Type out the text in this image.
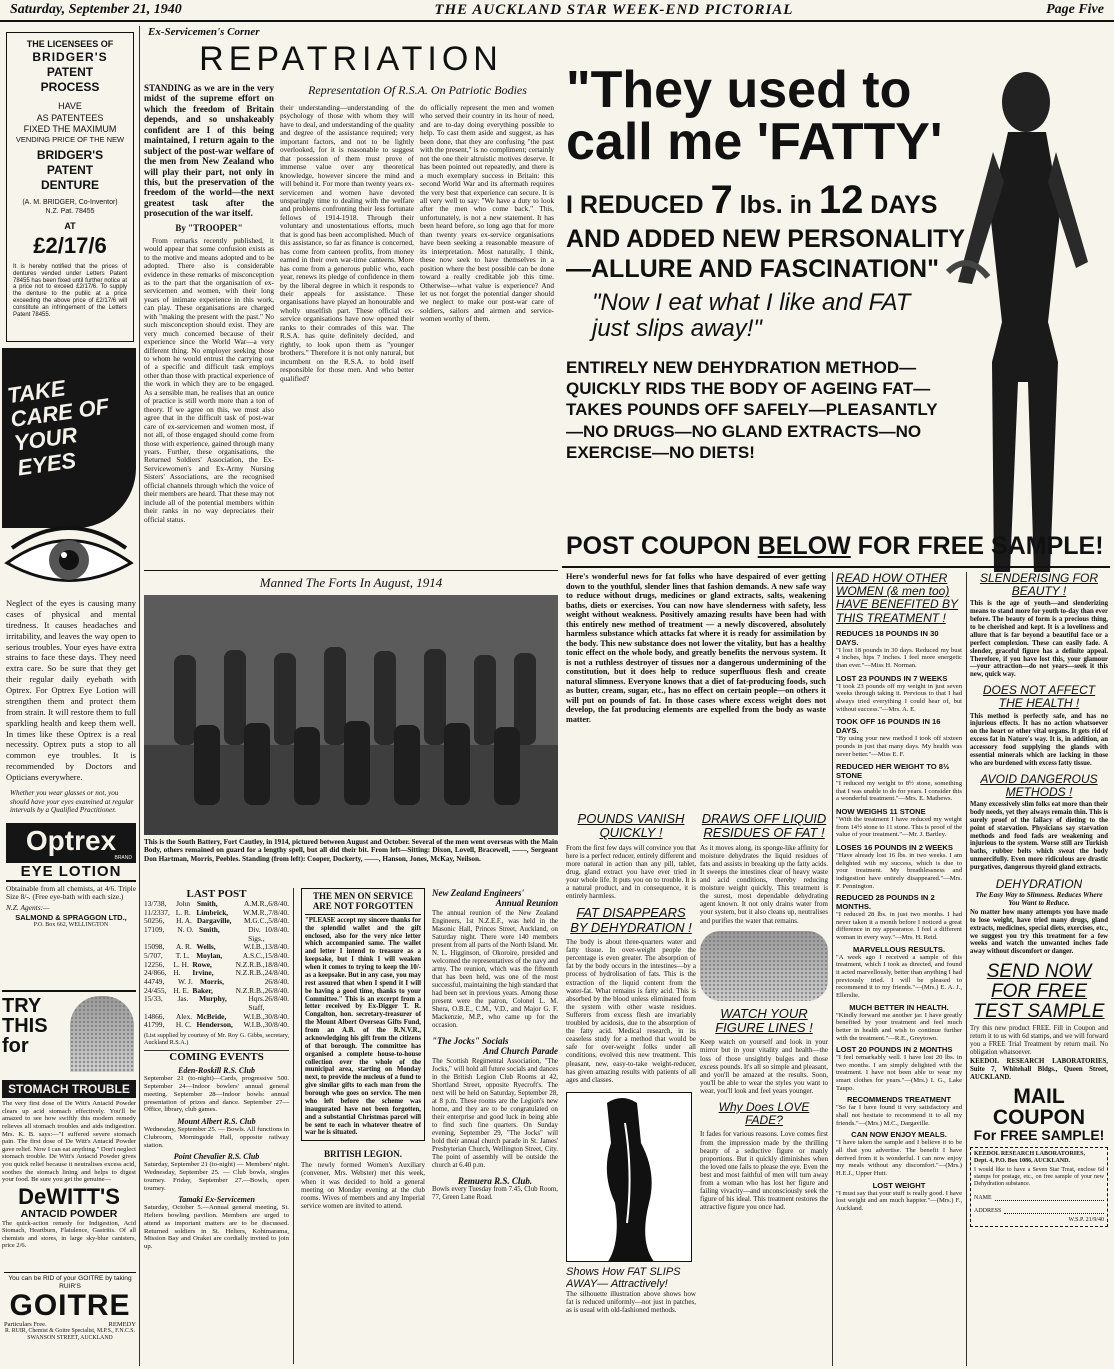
Saturday, September 21, 1940	THE AUCKLAND STAR WEEK-END PICTORIAL	Page Five
THE LICENSEES OF
BRIDGER'S
PATENT
PROCESS
HAVE
AS PATENTEES
FIXED THE MAXIMUM
VENDING PRICE OF THE NEW
BRIDGER'S
PATENT
DENTURE
(A. M. BRIDGER, Co-Inventor)
N.Z. Pat. 78455
AT
£2/17/6
It is hereby notified that the prices of dentures vended under Letters Patent 78455 has been fixed until further notice at a price not to exceed £2/17/6. To supply the denture to the public at a price exceeding the above price of £2/17/6 will constitute an infringement of the Letters Patent 78455.
TAKE CARE OF YOUR EYES
Neglect of the eyes is causing many cases of physical and mental tiredness. It causes headaches and irritability, and leaves the way open to serious troubles. Your eyes have extra strains to face these days. They need extra care. So be sure that they get their regular daily eyebath with Optrex. For Optrex Eye Lotion will strengthen them and protect them from strain. It will restore them to full sparkling health and keep them well. In times like these Optrex is a real necessity. Optrex puts a stop to all common eye troubles. It is recommended by Doctors and Opticians everywhere.
Whether you wear glasses or not, you should have your eyes examined at regular intervals by a Qualified Practitioner.
Optrex
BRAND
EYE LOTION
Obtainable from all chemists, at 4/6. Triple Size 8/-. (Free eye-bath with each size.)
N.Z. Agents:—
SALMOND & SPRAGGON LTD.,
P.O. Box 662, WELLINGTON
TRY THIS for
STOMACH TROUBLE
The very first dose of De Witt's Antacid Powder clears up acid stomach effectively. You'll be amazed to see how swiftly this modern remedy relieves all stomach troubles and aids indigestion. Mrs. K. B. says:—"I suffered severe stomach pain. The first dose of De Witt's Antacid Powder gave relief. Now I can eat anything." Don't neglect stomach trouble. De Witt's Antacid Powder gives you quick relief because it neutralises excess acid, soothes the stomach lining and helps to digest your food. Be sure you get the genuine—
DeWITT'S
ANTACID POWDER
The quick-action remedy for Indigestion, Acid Stomach, Heartburn, Flatulence, Gastritis. Of all chemists and stores, in large sky-blue canisters, price 2/6.
You can be RID of your GOITRE by taking RUIR'S
GOITRE
Particulars Free.	REMEDY
R. RUIR, Chemist & Goitre Specialist, M.P.S., F.N.C.S. SWANSON STREET, AUCKLAND
Ex-Servicemen's Corner
REPATRIATION
STANDING as we are in the very midst of the supreme effort on which the freedom of Britain depends, and so unshakeably confident are I of this being maintained, I return again to the subject of the post-war welfare of the men from New Zealand who will play their part, not only in this, but the preservation of the freedom of the world—the next greatest task after the prosecution of the war itself.
By "TROOPER"
From remarks recently published, it would appear that some confusion exists as to the motive and means adopted and to be adopted. There also is considerable evidence in these remarks of misconception as to the part that the organisation of ex-servicemen and women, with their long years of intimate experience in this work, can play. These organisations are charged with "making the present with the past." No such misconception should exist. They are very much concerned because of their experience since the World War—a very different thing. No employer seeking those to whom he would entrust the carrying out of a specific and difficult task employs other than those with practical experience of the work in which they are to be engaged. As a sensible man, he realises that an ounce of practice is still worth more than a ton of theory. If we agree on this, we must also agree that in the difficult task of post-war care of ex-servicemen and women most, if not all, of those engaged should come from those with experience, gained through many years. Further, these organisations, the Returned Soldiers' Association, the Ex-Servicewomen's and Ex-Army Nursing Sisters' Associations, are the recognised official channels through which the voice of their members are heard. That these may not include all of the potential members within their ranks in no way depreciates their official status.
Representation Of R.S.A. On Patriotic Bodies
their understanding—understanding of the psychology of those with whom they will have to deal, and understanding of the quality and degree of the assistance required; very important factors, and not to be lightly overlooked, for it is reasonable to suggest that possession of them must prove of immense value over any theoretical knowledge, however sincere the mind and will behind it. For more than twenty years ex-servicemen and women have devoted unsparingly time to dealing with the welfare and problems confronting their less fortunate fellows of 1914-1918. Through their voluntary and unostentatious efforts, much that is good has been accomplished. Much of this assistance, so far as finance is concerned, has come from canteen profits, from money earned in their own war-time canteens. More has come from a generous public who, each year, renews its pledge of confidence in them by the liberal degree in which it responds to their appeals for assistance. These organisations have played an honourable and wholly unselfish part. These official ex-service organisations have now opened their ranks to their comrades of this war. The R.S.A. has quite definitely decided, and rightly, to look upon them as "younger brothers." Therefore it is not only natural, but incumbent on the R.S.A. to hold itself responsible for those men. And who better qualified?
do officially represent the men and women who served their country in its hour of need, and are to-day doing everything possible to help. To cast them aside and suggest, as has been done, that they are confusing "the past with the present," is no compliment; certainly not the one their altruistic motives deserve. It has been pointed out repeatedly, and there is a much exemplary success in Britain: this second World War and its aftermath requires the very best that experience can secure. It is all very well to say: "We have a duty to look after the men who come back." This, unfortunately, is not a new statement. It has been heard before, so long ago that for more than twenty years ex-service organisations have been seeking a reasonable measure of its interpretation. Most naturally, I think, these now seek to have themselves in a position where the best possible can be done toward a really creditable job this time. Otherwise—what value is experience? And let us not forget the potential danger should we neglect to make our post-war care of soldiers, sailors and airmen and service-women worthy of them.
Manned The Forts In August, 1914
This is the South Battery, Fort Cautley, in 1914, pictured between August and October. Several of the men went overseas with the Main Body, others remained on guard for a lengthy spell, but all did their bit. From left—Sitting: Dixon, Lovell, Bracewell, ——, Sergeant Don Hartman, Morris, Peebles. Standing (from left): Cooper, Dockerty, ——, Hanson, Jones, McKay, Neilson.
LAST POST
13/738,	John Smith,	A.M.R., 6/8/40.
11/2337, L. R. Limbrick,	W.M.R., 7/8/40.
50256,	H. A. Dargaville,	M.G.C., 5/8/40.
17109,	N. O. Smith,	Div. Sigs.,
10/8/40.
15098,	A. R. Wells,	W.I.B., 13/8/40.
5/707,	T. L. Moylan,	A.S.C., 15/8/40.
12256,	L. H. Rowe,	N.Z.R.B., 18/8/40.
24/866, H.	Irvine,	N.Z.R.B., 24/8/40.
44749,	W. J. Morris,	26/8/40.
24/455, H. E. Baker,	N.Z.R.B., 26/8/40.
15/33,	Jas.	Murphy,	Hqrs. Staff,
26/8/40.
14866,	Alex. McBride,	W.I.B., 30/8/40.
41799,	H. C. Henderson,	W.I.B., 30/8/40.
(List supplied by courtesy of Mr. Roy G. Gibbs, secretary, Auckland R.S.A.)
COMING EVENTS
Eden-Roskill R.S. Club
September 21 (to-night)—Cards, progressive 500. September 24—Indoor bowlers' annual general meeting. September 28—Indoor bowls: annual presentation of prizes and dance. September 27—Office, library, club games.
Mount Albert R.S. Club
Wednesday, September 25. — Bowls. All functions in Clubroom, Morningside Hall, opposite railway station.
Point Chevalier R.S. Club
Saturday, September 21 (to-night) — Members' night. Wednesday, September 25. — Club bowls, singles tourney. Friday, September 27.—Bowls, open tourney.
Tamaki Ex-Servicemen
Saturday, October 5.—Annual general meeting, St. Heliers bowling pavilion. Members are urged to attend as important matters are to be discussed. Returned soldiers in St. Heliers, Kohimarama, Mission Bay and Orakei are cordially invited to join up.
THE MEN ON SERVICE ARE NOT FORGOTTEN
"PLEASE accept my sincere thanks for the splendid wallet and the gift enclosed, also for the very nice letter which accompanied same. The wallet and letter I intend to treasure as a keepsake, but I think I will weaken when it comes to trying to keep the 10/- as a keepsake. But in any case, you may rest assured that when I spend it I will be having a good time, thanks to your Committee." This is an excerpt from a letter received by Ex-Digger T. R. Congalton, hon. secretary-treasurer of the Mount Albert Overseas Gifts Fund, from an A.B. of the R.N.V.R., acknowledging his gift from the citizens of that borough. The committee has organised a complete house-to-house collection over the whole of the municipal area, starting on Monday next, to provide the nucleus of a fund to give similar gifts to each man from the borough who goes on service. The men who left before the scheme was inaugurated have not been forgotten, and a substantial Christmas parcel will be sent to each in whatever theatre of war he is situated.
BRITISH LEGION.
The newly formed Women's Auxiliary (convener, Mrs. Webster) met this week, when it was decided to hold a general meeting on Monday evening at the club rooms. Wives of members and any Imperial service women are invited to attend.
New Zealand Engineers'
Annual Reunion
The annual reunion of the New Zealand Engineers, 1st N.Z.E.F., was held in the Masonic Hall, Princes Street, Auckland, on Saturday night. There were 140 members present from all parts of the North Island. Mr. N. L. Higginson, of Okoroire, presided and welcomed the representatives of the navy and army. The reunion, which was the fifteenth that has been held, was one of the most successful, maintaining the high standard that had been set in previous years. Among those present were the patron, Colonel L. M. Shera, O.B.E., C.M., V.D., and Major G. F. Mackenzie, M.P., who came up for the occasion.
"The Jocks" Socials
And Church Parade
The Scottish Regimental Association, "The Jocks," will hold all future socials and dances in the British Legion Club Rooms at 42, Shortland Street, opposite Ryecroft's. The next will be held on Saturday, September 28, at 8 p.m. These rooms are the Legion's new home, and they are to be congratulated on their enterprise and good luck in being able to find such fine quarters. On Sunday evening, September 29, "The Jocks" will hold their annual church parade in St. James' Presbyterian Church, Wellington Street, City. The point of assembly will be outside the church at 6.40 p.m.
Remuera R.S. Club.
Bowls every Tuesday from 7.45, Club Room, 77, Green Lane Road.
"They used to
call me 'FATTY'
I REDUCED 7 lbs. in 12 DAYS
AND ADDED NEW PERSONALITY
—ALLURE AND FASCINATION"
"Now I eat what I like and FAT just slips away!"
ENTIRELY NEW DEHYDRATION METHOD—QUICKLY RIDS THE BODY OF AGEING FAT—TAKES POUNDS OFF SAFELY—PLEASANTLY—NO DRUGS—NO GLAND EXTRACTS—NO EXERCISE—NO DIETS!
POST COUPON BELOW FOR FREE SAMPLE!
Here's wonderful news for fat folks who have despaired of ever getting down to the youthful, slender lines that fashion demands. A new safe way to reduce without drugs, medicines or gland extracts, salts, weakening baths, diets or exercises. You can now have slenderness with safety, less weight without weakness. Positively amazing results have been had with this entirely new method of treatment — a newly discovered, absolutely harmless substance which attacks fat where it is ready for assimilation by the body. This new substance does not lower the vitality, but has a healthy tonic effect on the whole body, and greatly benefits the nervous system. It is not a ruthless destroyer of tissues nor a dangerous undermining of the constitution, but it does help to reduce superfluous flesh and create natural slimness. Everyone knows that a diet of fat-producing foods, such as butter, cream, sugar, etc., has no effect on certain people—on others it will put on pounds of fat. In those cases where excess weight does not develop, the fat producing elements are expelled from the body as waste matter.
POUNDS VANISH QUICKLY !
From the first few days will convince you that here is a perfect reducer, entirely different and more natural in action than any pill, tablet, drug, gland extract you have ever tried in your whole life. It puts you on to trouble. It is a natural product, and in consequence, it is entirely harmless.
FAT DISAPPEARS BY DEHYDRATION !
The body is about three-quarters water and fatty tissue. In over-weight people the percentage is even greater. The absorption of fat by the body occurs in the intestines—by a process of hydrolisation of fats. This is the extraction of the liquid content from the water-fat. What remains is fatty acid. This is absorbed by the blood unless eliminated from the system with other waste residues. Sufferers from excess flesh are invariably troubled by acidosis, due to the absorption of the fatty acid. Medical research, in its ceaseless study for a method that would be safe for over-weight folks under all conditions, evolved this new treatment. This pleasant, new, easy-to-take weight-reducer, has given amazing results with patients of all ages and classes.
Shows How FAT SLIPS AWAY— Attractively!
The silhouette illustration above shows how fat is reduced uniformly—not just in patches, as is usual with old-fashioned methods.
DRAWS OFF LIQUID RESIDUES OF FAT !
As it moves along, its sponge-like affinity for moisture dehydrates the liquid residues of fats and assists in breaking up the fatty acids. It sweeps the intestines clear of heavy waste and acid conditions, thereby reducing moisture weight quickly. This treatment is the surest, most dependable dehydrating agent known. It not only drains water from your system, but it also cleans up, neutralises and purifies the water that remains.
WATCH YOUR FIGURE LINES !
Keep watch on yourself and look in your mirror but in your vitality and health—the loss of those unsightly bulges and those excess pounds. It's all so simple and pleasant, and you'll be amazed at the results. Soon, you'll be able to wear the styles you want to wear, you'll look and feel years younger.
Why Does LOVE FADE?
It fades for various reasons. Love comes first from the impression made by the thrilling beauty of a seductive figure or manly proportions. But it quickly diminishes when the loved one fails to please the eye. Even the best and most faithful of men will turn away from a woman who has lost her figure and failing vivacity—and unconsciously seek the figure of his ideal. This treatment restores the attractive figure you once had.
READ HOW OTHER WOMEN (& men too) HAVE BENEFITED BY THIS TREATMENT !
REDUCES 18 POUNDS IN 30 DAYS.
"I lost 18 pounds in 30 days. Reduced my bust 4 inches, hips 7 inches. I feel more energetic than ever."—Miss H. Norman.
LOST 23 POUNDS IN 7 WEEKS
"I took 23 pounds off my weight in just seven weeks through taking it. Previous to that I had always tried everything I could hear of, but without success."—Mrs. A. E.
TOOK OFF 16 POUNDS IN 16 DAYS.
"By using your new method I took off sixteen pounds in just that many days. My health was never better."—Miss E. F.
REDUCED HER WEIGHT TO 8½ STONE
"I reduced my weight to 8½ stone, something that I was unable to do for years. I consider this a wonderful treatment."—Mrs. E. Mathews.
NOW WEIGHS 11 STONE
"With the treatment I have reduced my weight from 14½ stone to 11 stone. This is proof of the value of your treatment."—Mr. J. Bartley.
LOSES 16 POUNDS IN 2 WEEKS
"Have already lost 16 lbs. in two weeks. I am delighted with my success, which is due to your treatment. My breathlessness and indigestion have entirely disappeared."—Mrs. F. Pennington.
REDUCED 28 POUNDS IN 2 MONTHS.
"I reduced 28 lbs. in just two months. I had never taken it a month before I noticed a great difference in my appearance. I feel a different woman in every way."—Mrs. H. Reid.
MARVELLOUS RESULTS.
"A week ago I received a sample of this treatment, which I took as directed, and found it acted marvellously, better than anything I had previously tried. I will be pleased to recommend it to my friends."—(Mrs.) E. A. J., Ellerslie.
MUCH BETTER IN HEALTH.
"Kindly forward me another jar. I have greatly benefited by your treatment and feel much better in health and wish to continue further with the treatment."—R.E., Greytown.
LOST 20 POUNDS IN 2 MONTHS
"I feel remarkably well. I have lost 20 lbs. in two months. I am simply delighted with the treatment. I have not been able to wear my smart clothes for years."—(Mrs.) I. G., Lake Taupo.
RECOMMENDS TREATMENT
"So far I have found it very satisfactory and shall not hesitate to recommend it to all my friends."—(Mrs.) M.C., Dargaville.
CAN NOW ENJOY MEALS.
"I have taken the sample and I believe it to be all that you advertise. The benefit I have derived from it is wonderful. I can now enjoy my meals without any discomfort."—(Mrs.) H.E.J., Upper Hutt.
LOST WEIGHT
"I must say that your stuff is really good. I have lost weight and am much happier."—(Mrs.) F., Auckland.
SLENDERISING FOR BEAUTY !
This is the age of youth—and slenderizing means to stand more for youth to-day than ever before. The beauty of form is a precious thing, to be cherished and kept. It is a loveliness and allure that is far beyond a beautiful face or a perfect complexion. These can easily fade. A slender, graceful figure has a definite appeal. Therefore, if you have lost this, your glamour—your attraction—do not years—seek it this new, quick way.
DOES NOT AFFECT THE HEALTH !
This method is perfectly safe, and has no injurious effects. It has no action whatsoever on the heart or other vital organs. It gets rid of excess fat in Nature's way. It is, in addition, an accessory food supplying the glands with essential minerals which are lacking in those who are burdened with excess fatty tissue.
AVOID DANGEROUS METHODS !
Many excessively slim folks eat more than their body needs, yet they always remain thin. This is surely proof of the fallacy of dieting to the point of starvation. Physicians say starvation methods and food fads are weakening and injurious to the system. Worse still are Turkish baths, rubber belts which sweat the body unmercifully. Even more ridiculous are drastic purgatives, dangerous thyroid gland extracts.
DEHYDRATION
The Easy Way to Slimness. Reduces Where You Want to Reduce.
No matter how many attempts you have made to lose weight, have tried many drugs, gland extracts, medicines, special diets, exercises, etc., we suggest you try this treatment for a few weeks and watch the unwanted inches fade away without discomfort or danger.
SEND NOW FOR FREE TEST SAMPLE
Try this new product FREE. Fill in Coupon and return it to us with 6d stamps, and we will forward you a FREE Trial Treatment by return mail. No obligation whatsoever.
KEEDOL RESEARCH LABORATORIES, Suite 7, Whitehall Bldgs., Queen Street, AUCKLAND.
MAIL COUPON
For FREE SAMPLE!
KEEDOL RESEARCH LABORATORIES,
Dept. 4, P.O. Box 1086, AUCKLAND.
I would like to have a Seven Star Treat, enclose 6d stamps for postage, etc., on free sample of your new Dehydration substance.
NAME
ADDRESS
W.S.P. 21/9/40
